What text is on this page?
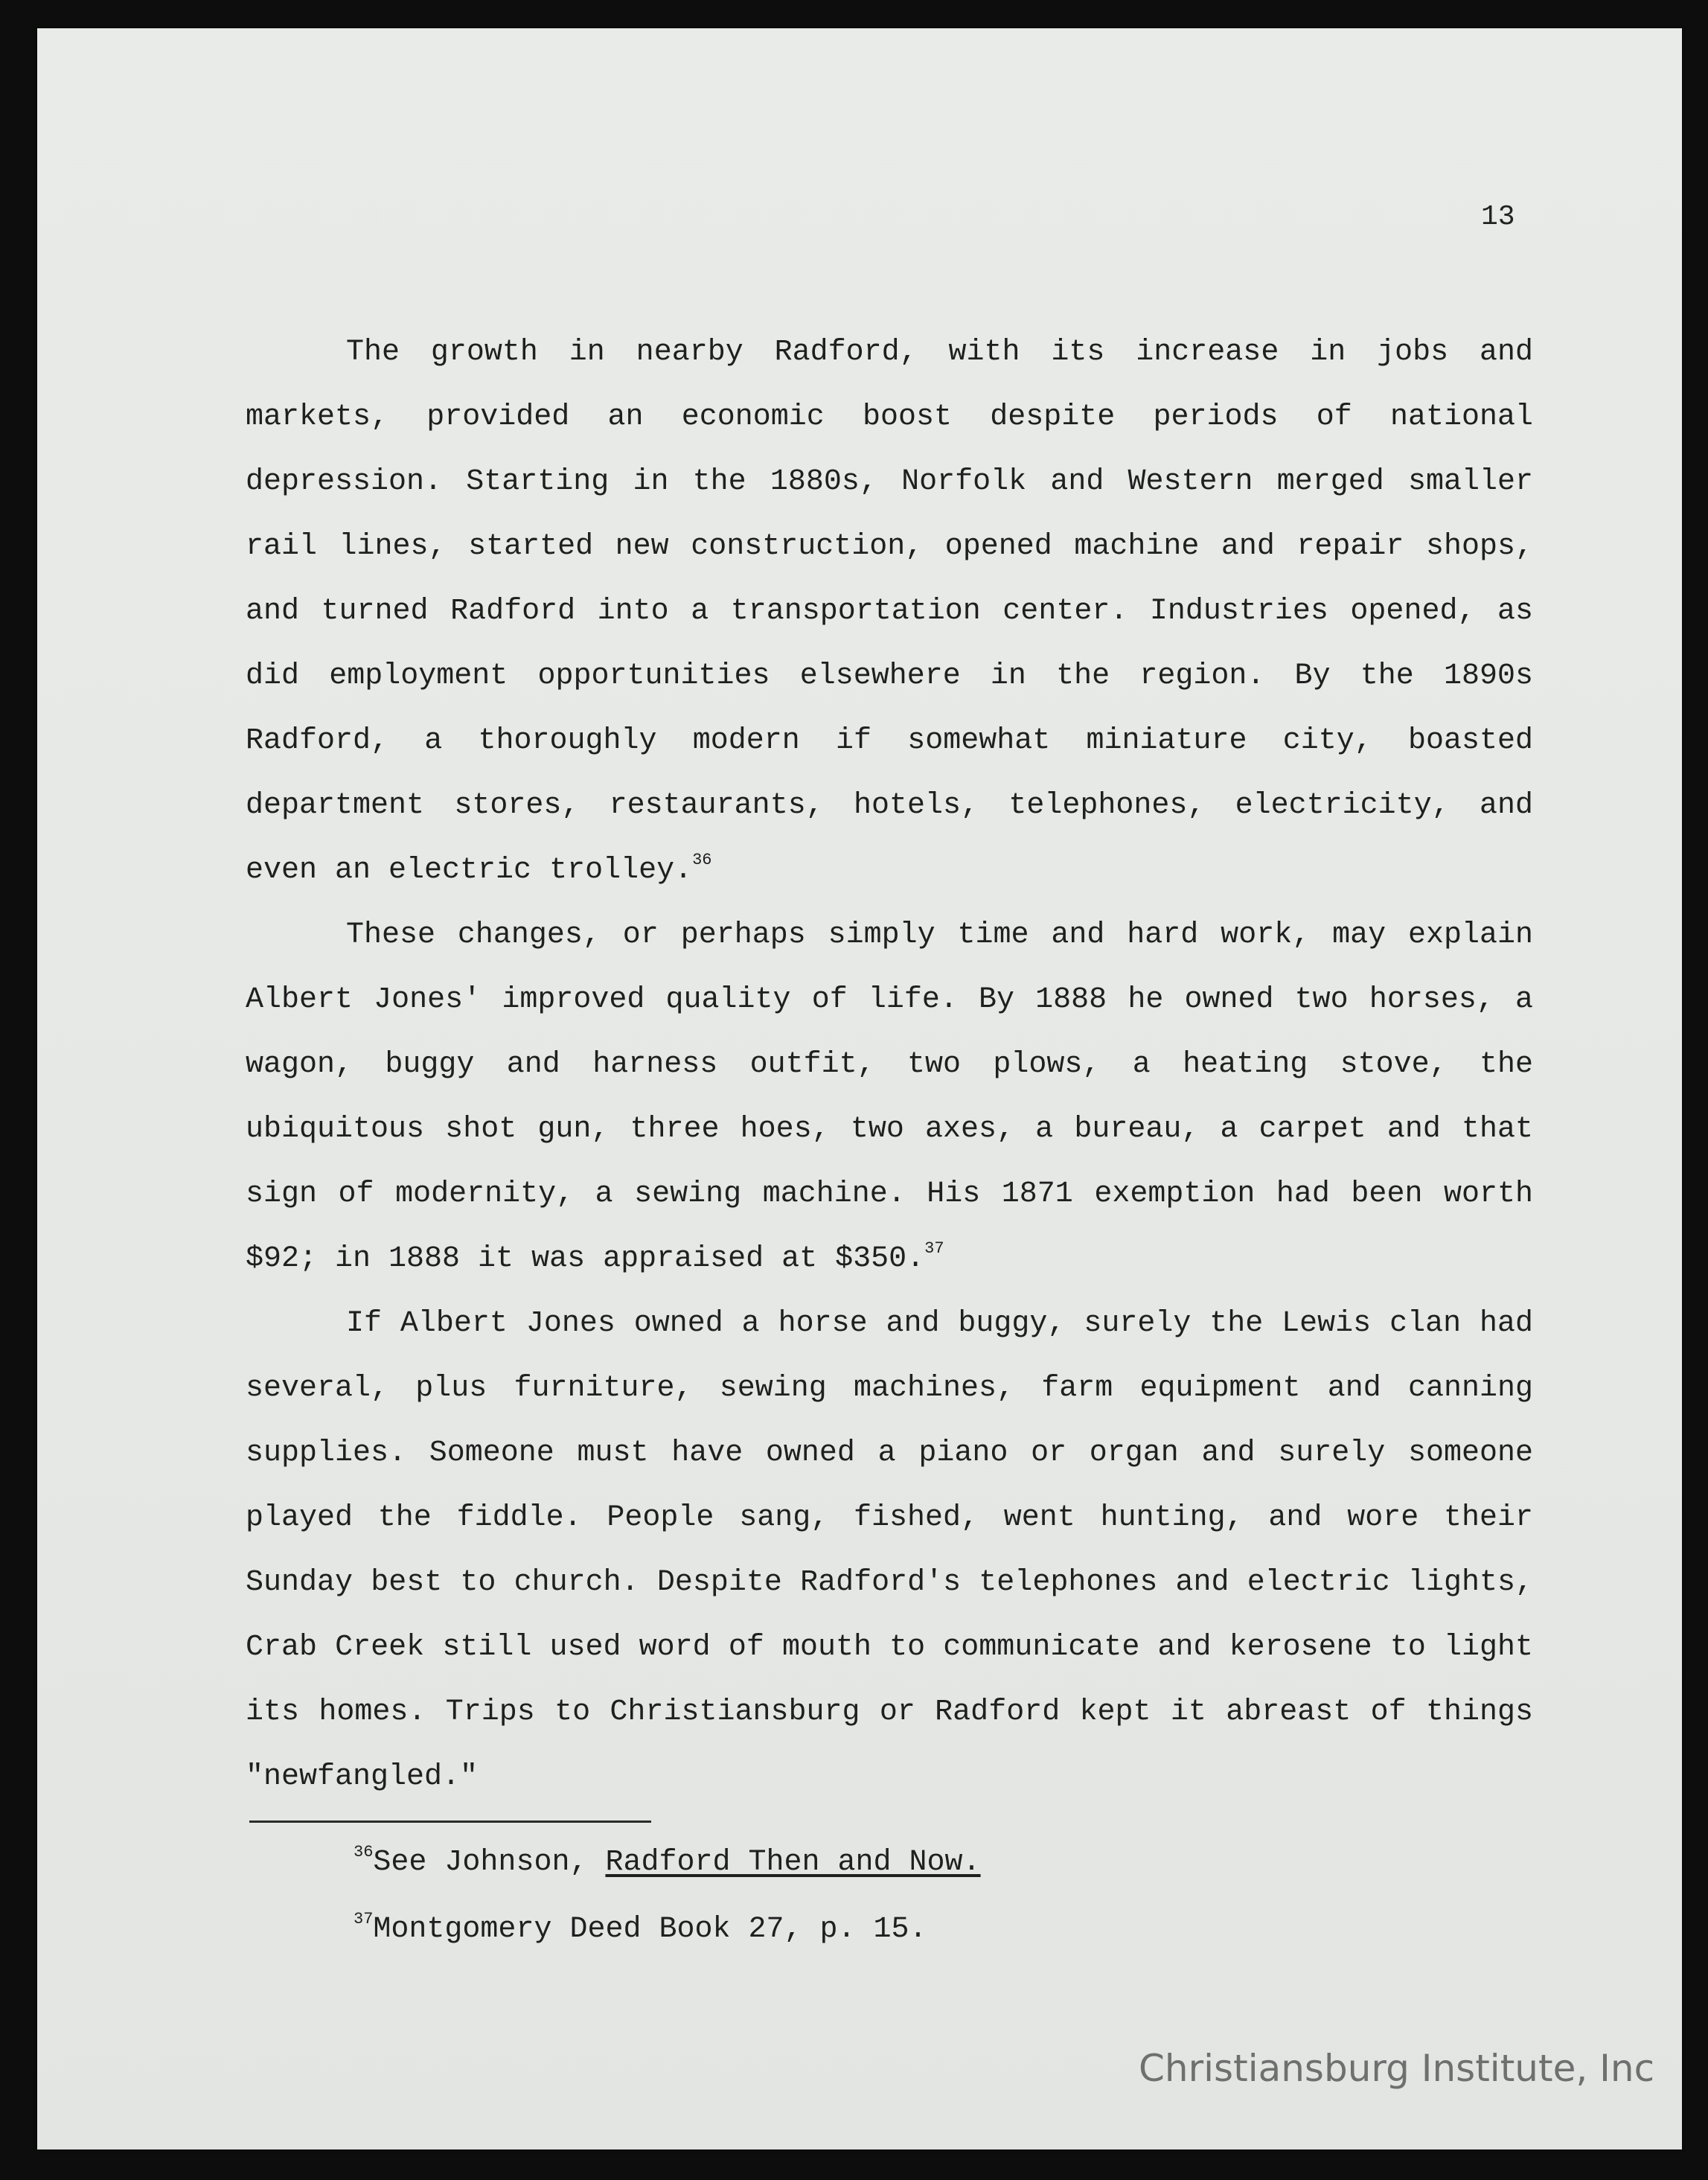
13

The growth in nearby Radford, with its increase in jobs and markets, provided an economic boost despite periods of national depression. Starting in the 1880s, Norfolk and Western merged smaller rail lines, started new construction, opened machine and repair shops, and turned Radford into a transportation center. Industries opened, as did employment opportunities elsewhere in the region. By the 1890s Radford, a thoroughly modern if somewhat miniature city, boasted department stores, restaurants, hotels, telephones, electricity, and even an electric trolley.$^{36}$

These changes, or perhaps simply time and hard work, may explain Albert Jones' improved quality of life. By 1888 he owned two horses, a wagon, buggy and harness outfit, two plows, a heating stove, the ubiquitous shot gun, three hoes, two axes, a bureau, a carpet and that sign of modernity, a sewing machine. His 1871 exemption had been worth $92; in 1888 it was appraised at $350.37

If Albert Jones owned a horse and buggy, surely the Lewis clan had several, plus furniture, sewing machines, farm equipment and canning supplies. Someone must have owned a piano or organ and surely someone played the fiddle. People sang, fished, went hunting, and wore their Sunday best to church. Despite Radford's telephones and electric lights, Crab Creek still used word of mouth to communicate and kerosene to light its homes. Trips to Christiansburg or Radford kept it abreast of things "newfangled."

$^{36}$See Johnson, Radford Then and Now.
$^{37}$Montgomery Deed Book 27, p. 15.
Christiansburg Institute, Inc
